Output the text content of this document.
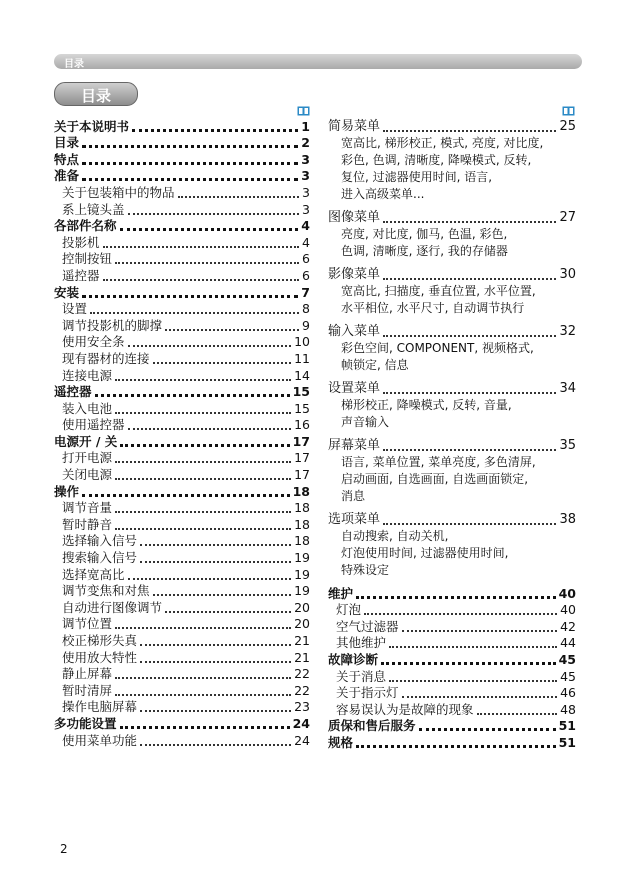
目录
目录
关于本说明书	1
目录	2
特点	3
准备	3
关于包装箱中的物品	3
系上镜头盖	3
各部件名称	4
投影机	4
控制按钮	6
遥控器	6
安装	7
设置	8
调节投影机的脚撑	9
使用安全条	10
现有器材的连接	11
连接电源	14
遥控器	15
装入电池	15
使用遥控器	16
电源开 / 关	17
打开电源	17
关闭电源	17
操作	18
调节音量	18
暂时静音	18
选择输入信号	18
搜索输入信号	19
选择宽高比	19
调节变焦和对焦	19
自动进行图像调节	20
调节位置	20
校正梯形失真	21
使用放大特性	21
静止屏幕	22
暂时清屏	22
操作电脑屏幕	23
多功能设置	24
使用菜单功能	24
简易菜单	25
宽高比, 梯形校正, 模式, 亮度, 对比度,
彩色, 色调, 清晰度, 降噪模式, 反转,
复位, 过滤器使用时间, 语言,
进入高级菜单...
图像菜单	27
亮度, 对比度, 伽马, 色温, 彩色,
色调, 清晰度, 逐行, 我的存储器
影像菜单	30
宽高比, 扫描度, 垂直位置, 水平位置,
水平相位, 水平尺寸, 自动调节执行
输入菜单	32
彩色空间, COMPONENT, 视频格式,
帧锁定, 信息
设置菜单	34
梯形校正, 降噪模式, 反转, 音量,
声音输入
屏幕菜单	35
语言, 菜单位置, 菜单亮度, 多色清屏,
启动画面, 自选画面, 自选画面锁定,
消息
选项菜单	38
自动搜索, 自动关机,
灯泡使用时间, 过滤器使用时间,
特殊设定
维护	40
灯泡	40
空气过滤器	42
其他维护	44
故障诊断	45
关于消息	45
关于指示灯	46
容易误认为是故障的现象	48
质保和售后服务	51
规格	51
2
